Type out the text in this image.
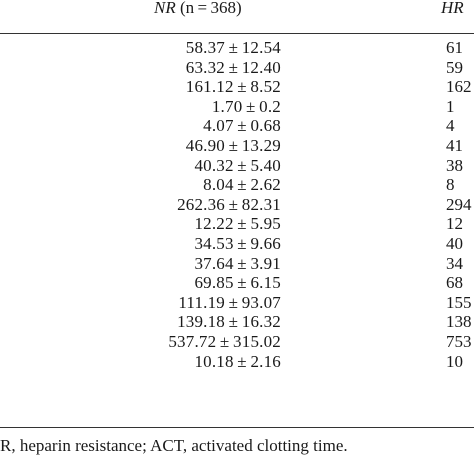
NR (n = 368)	HR
58.37 ± 12.54	61
63.32 ± 12.40	59
161.12 ± 8.52	162
1.70 ± 0.2	1
4.07 ± 0.68	4
46.90 ± 13.29	41
40.32 ± 5.40	38
8.04 ± 2.62	8
262.36 ± 82.31	294
12.22 ± 5.95	12
34.53 ± 9.66	40
37.64 ± 3.91	34
69.85 ± 6.15	68
111.19 ± 93.07	155
139.18 ± 16.32	138
537.72 ± 315.02	753
10.18 ± 2.16	10
R, heparin resistance; ACT, activated clotting time.
